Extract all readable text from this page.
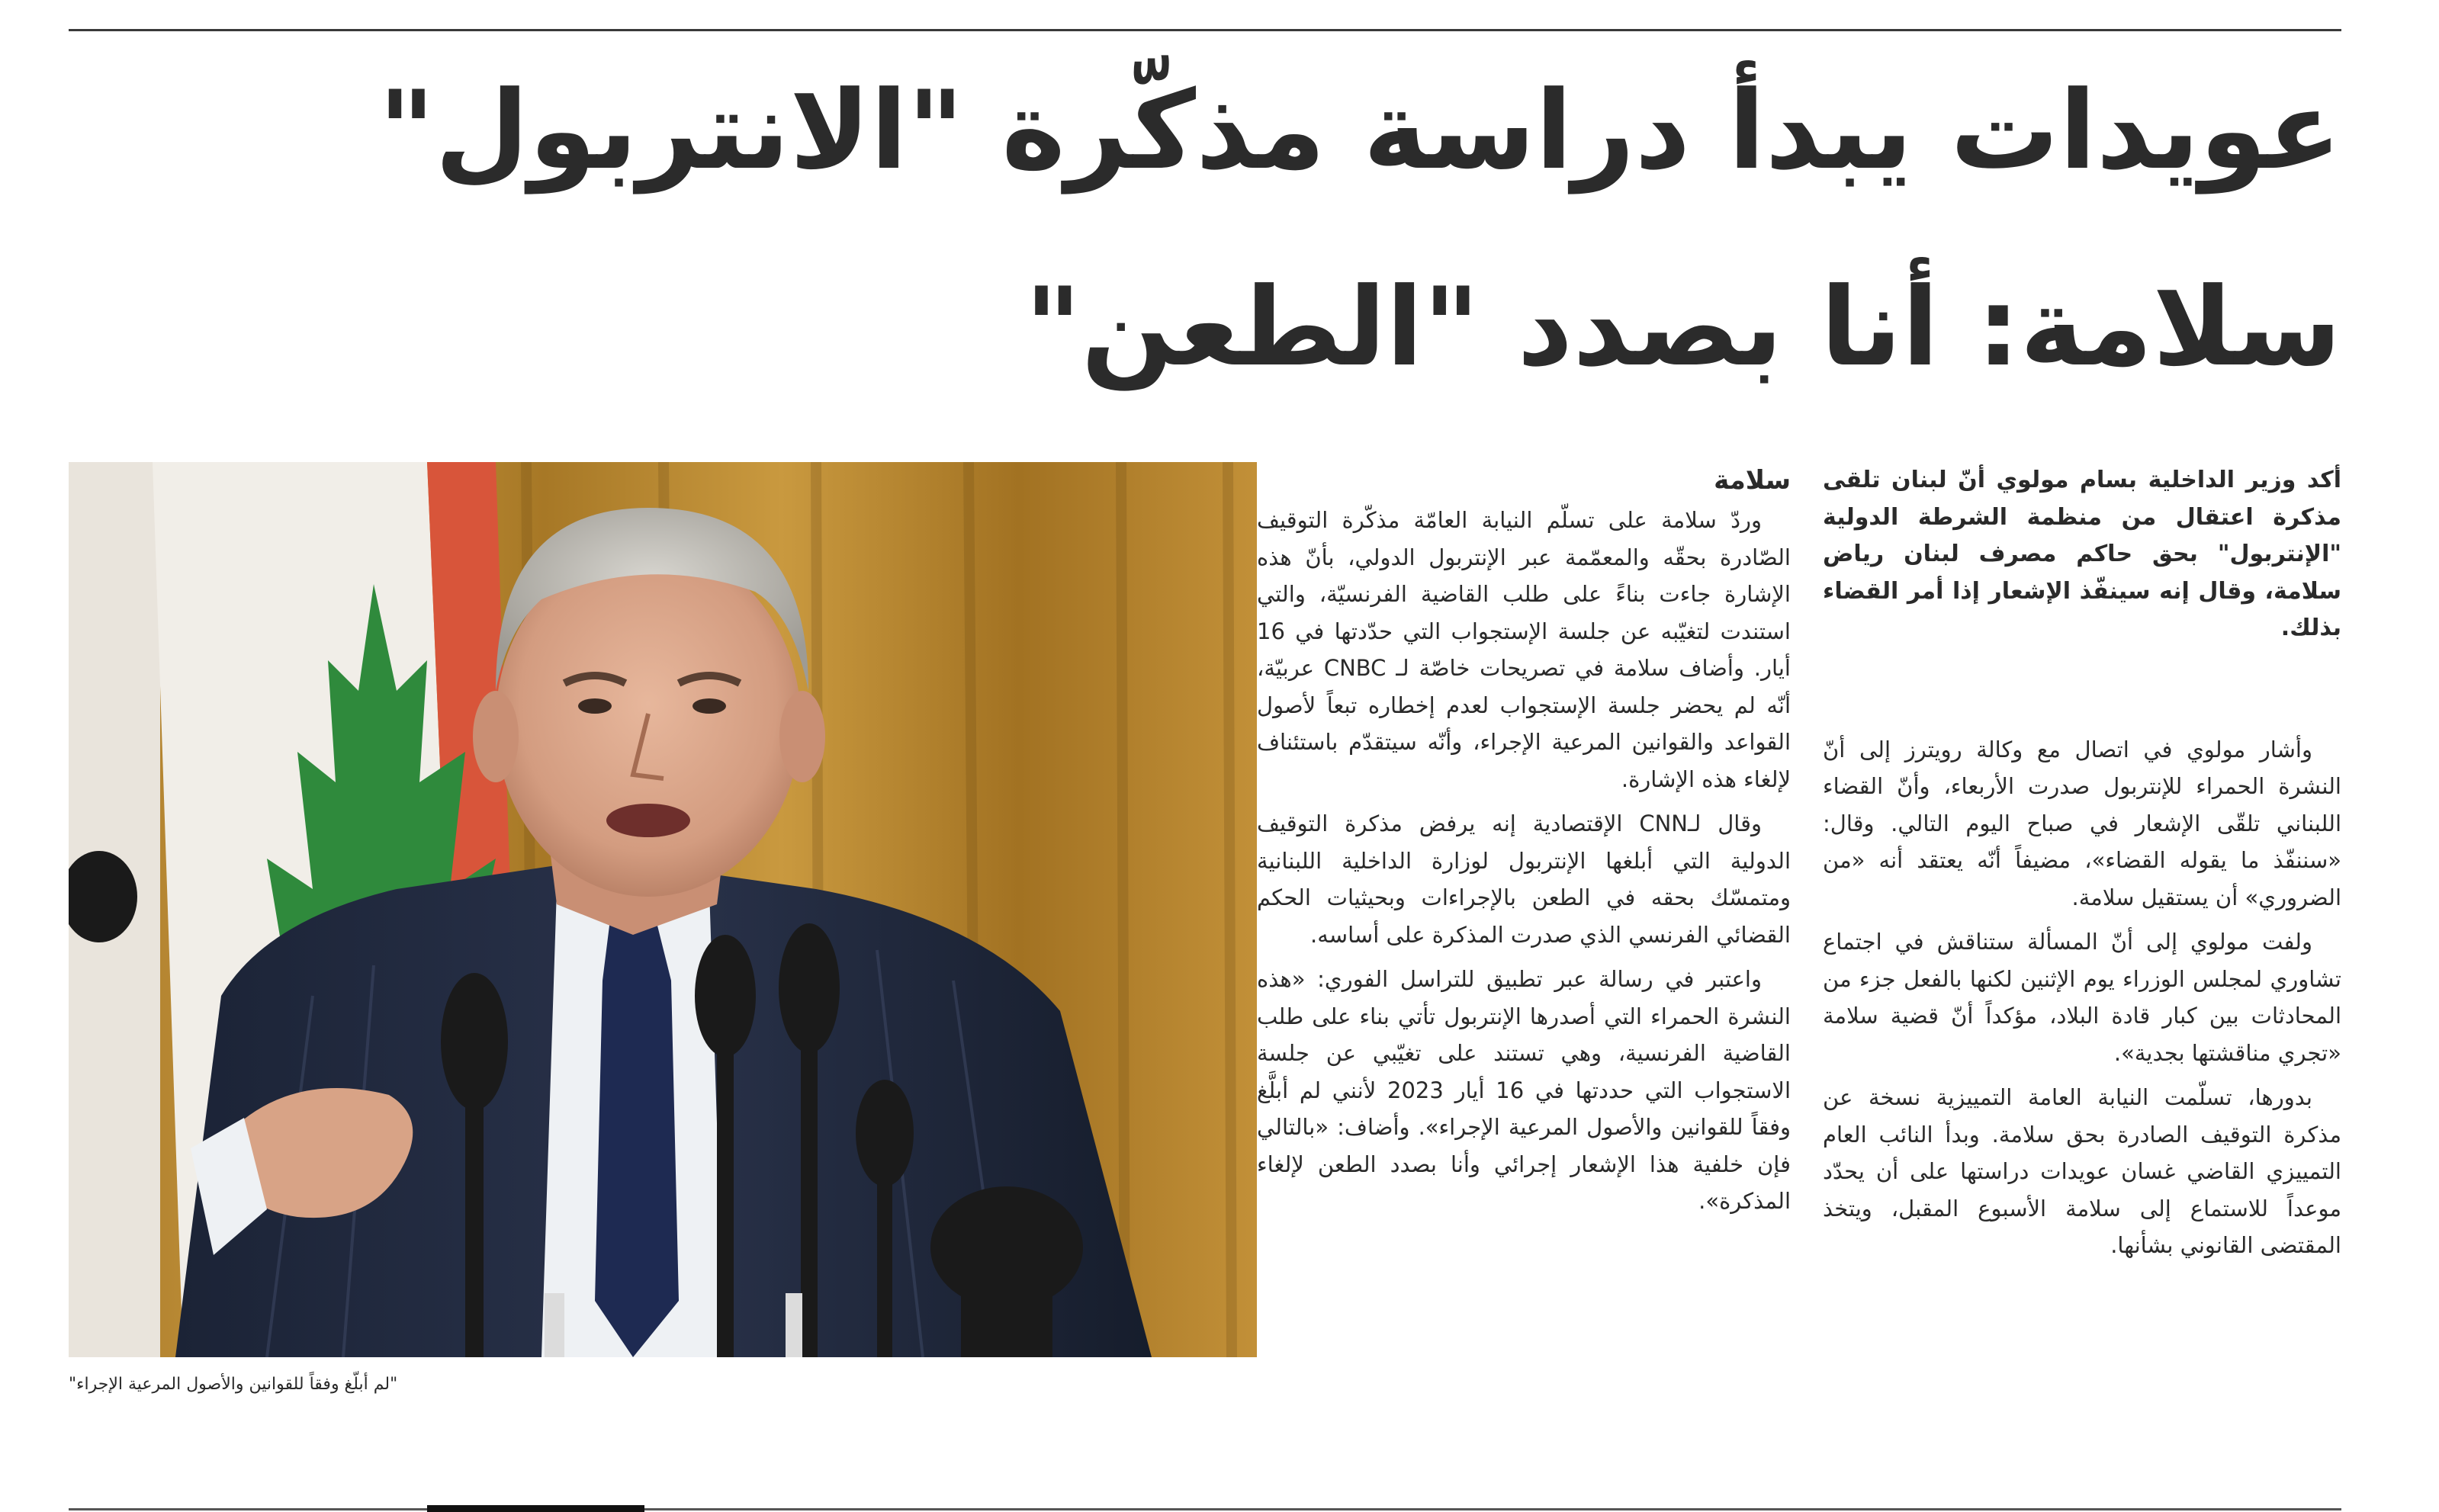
عويدات يبدأ دراسة مذكّرة "الانتربول"
سلامة: أنا بصدد "الطعن"

أكد وزير الداخلية بسام مولوي أنّ لبنان تلقى مذكرة اعتقال من منظمة الشرطة الدولية "الإنتربول" بحق حاكم مصرف لبنان رياض سلامة، وقال إنه سينفّذ الإشعار إذا أمر القضاء بذلك.

وأشار مولوي في اتصال مع وكالة رويترز إلى أنّ النشرة الحمراء للإنتربول صدرت الأربعاء، وأنّ القضاء اللبناني تلقّى الإشعار في صباح اليوم التالي. وقال: «سننفّذ ما يقوله القضاء»، مضيفاً أنّه يعتقد أنه «من الضروري» أن يستقيل سلامة.

ولفت مولوي إلى أنّ المسألة ستناقش في اجتماع تشاوري لمجلس الوزراء يوم الإثنين لكنها بالفعل جزء من المحادثات بين كبار قادة البلاد، مؤكداً أنّ قضية سلامة «تجري مناقشتها بجدية».

بدورها، تسلّمت النيابة العامة التمييزية نسخة عن مذكرة التوقيف الصادرة بحق سلامة. وبدأ النائب العام التمييزي القاضي غسان عويدات دراستها على أن يحدّد موعداً للاستماع إلى سلامة الأسبوع المقبل، ويتخذ المقتضى القانوني بشأنها.

سلامة

وردّ سلامة على تسلّم النيابة العامّة مذكّرة التوقيف الصّادرة بحقّه والمعمّمة عبر الإنتربول الدولي، بأنّ هذه الإشارة جاءت بناءً على طلب القاضية الفرنسيّة، والتي استندت لتغيّبه عن جلسة الإستجواب التي حدّدتها في 16 أيار. وأضاف سلامة في تصريحات خاصّة لـ CNBC عربيّة، أنّه لم يحضر جلسة الإستجواب لعدم إخطاره تبعاً لأصول القواعد والقوانين المرعية الإجراء، وأنّه سيتقدّم باستئناف لإلغاء هذه الإشارة.

وقال لـCNN الإقتصادية إنه يرفض مذكرة التوقيف الدولية التي أبلغها الإنتربول لوزارة الداخلية اللبنانية ومتمسّك بحقه في الطعن بالإجراءات وبحيثيات الحكم القضائي الفرنسي الذي صدرت المذكرة على أساسه.

واعتبر في رسالة عبر تطبيق للتراسل الفوري: «هذه النشرة الحمراء التي أصدرها الإنتربول تأتي بناء على طلب القاضية الفرنسية، وهي تستند على تغيّبي عن جلسة الاستجواب التي حددتها في 16 أيار 2023 لأنني لم أبلَّغ وفقاً للقوانين والأصول المرعية الإجراء». وأضاف: «بالتالي فإن خلفية هذا الإشعار إجرائي وأنا بصدد الطعن لإلغاء المذكرة».

"لم أبلّغ وفقاً للقوانين والأصول المرعية الإجراء"
